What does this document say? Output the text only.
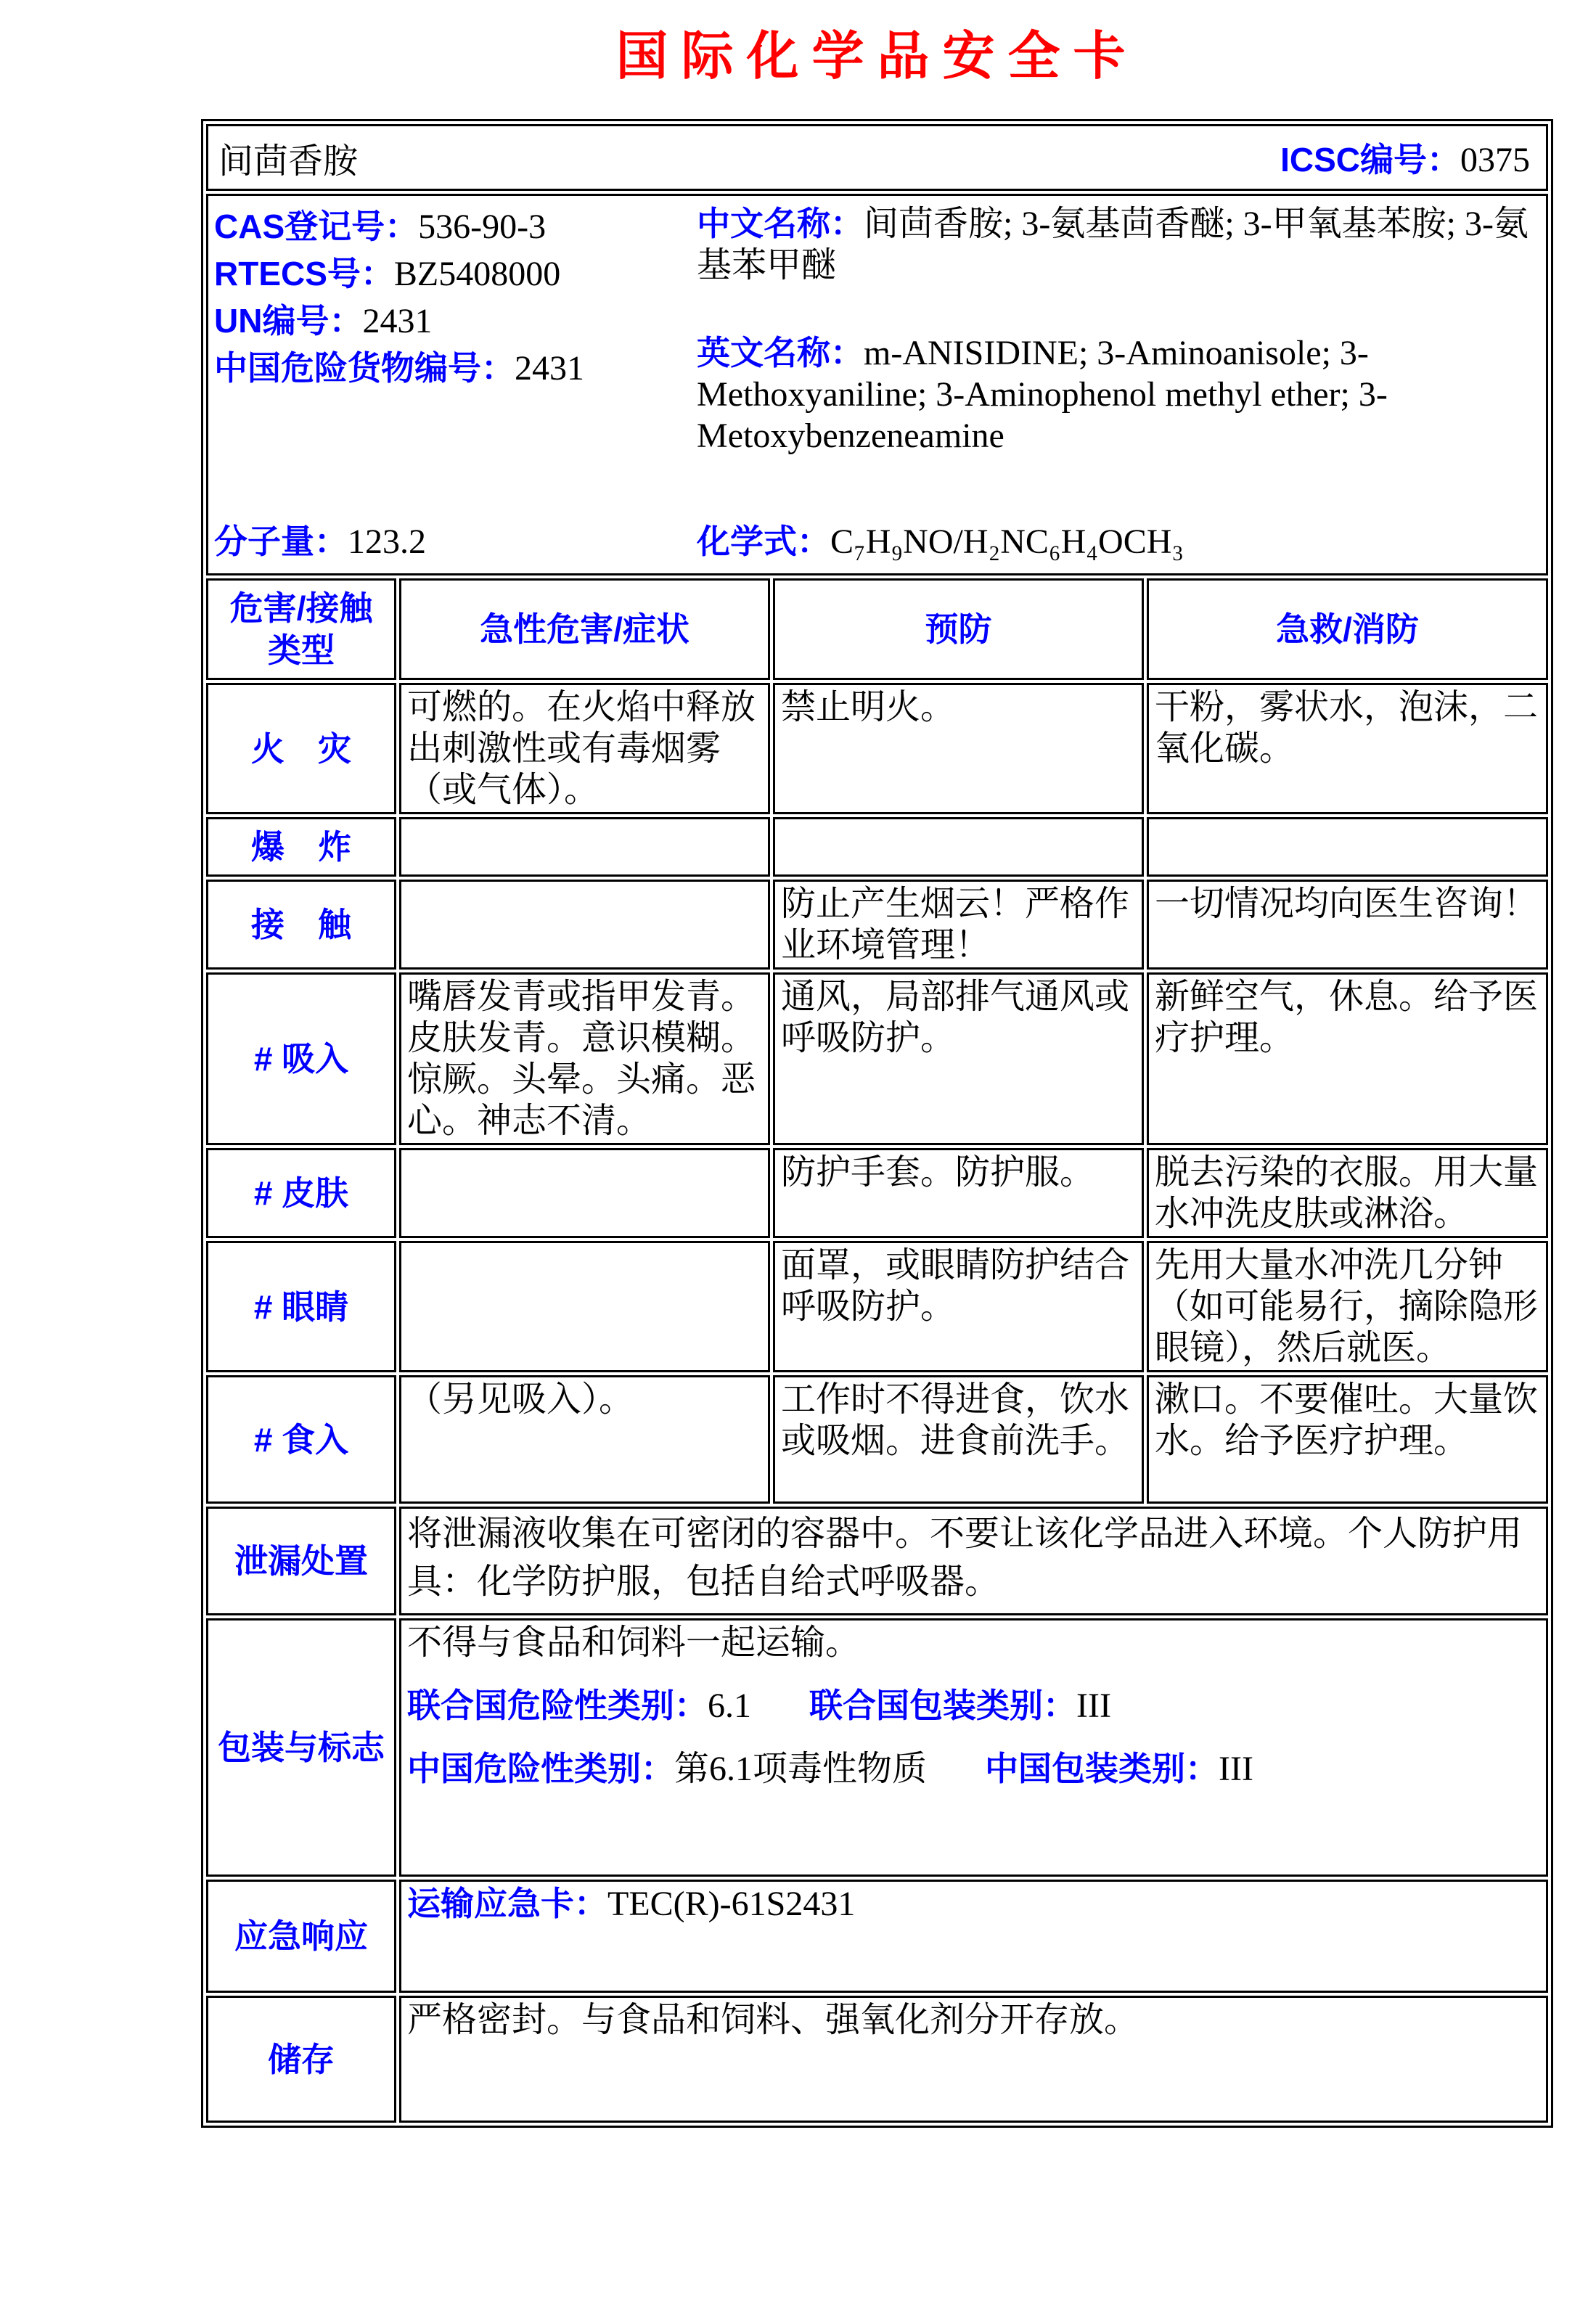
国际化学品安全卡
间茴香胺 ICSC编号：0375			

CAS登记号：536-90-3
RTECS号：BZ5408000
UN编号：2431
中国危险货物编号：2431
中文名称：间茴香胺; 3-氨基茴香醚; 3-甲氧基苯胺; 3-氨基苯甲醚
英文名称：m-ANISIDINE; 3-Aminoanisole; 3-Methoxyaniline; 3-Aminophenol methyl ether; 3-Metoxybenzeneamine
分子量：123.2	化学式：C₇H₉NO/H₂NC₆H₄OCH₃

危害/接触
类型	急性危害/症状	预防	急救/消防
火　灾	可燃的。在火焰中释放出刺激性或有毒烟雾（或气体）。	禁止明火。	干粉，雾状水，泡沫，二氧化碳。
爆　炸			
接　触		防止产生烟云！严格作业环境管理！	一切情况均向医生咨询！
# 吸入	嘴唇发青或指甲发青。皮肤发青。意识模糊。惊厥。头晕。头痛。恶心。神志不清。	通风，局部排气通风或呼吸防护。	新鲜空气，休息。给予医疗护理。
# 皮肤		防护手套。防护服。	脱去污染的衣服。用大量水冲洗皮肤或淋浴。
# 眼睛		面罩，或眼睛防护结合呼吸防护。	先用大量水冲洗几分钟（如可能易行，摘除隐形眼镜），然后就医。
# 食入	（另见吸入）。	工作时不得进食，饮水或吸烟。进食前洗手。	漱口。不要催吐。大量饮水。给予医疗护理。
泄漏处置	将泄漏液收集在可密闭的容器中。不要让该化学品进入环境。个人防护用具：化学防护服，包括自给式呼吸器。		
包装与标志	不得与食品和饲料一起运输。
联合国危险性类别：6.1 联合国包装类别：III
中国危险性类别：第6.1项毒性物质 中国包装类别：III		

应急响应	运输应急卡：TEC(R)-61S2431		
储存	严格密封。与食品和饲料、强氧化剂分开存放。		
